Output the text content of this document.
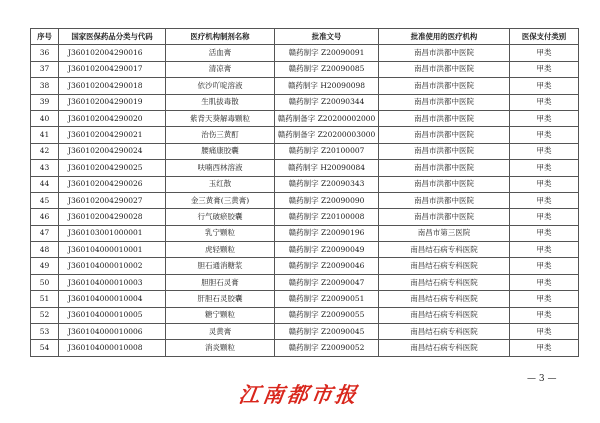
序号	国家医保药品分类与代码	医疗机构制剂名称	批准文号	批准使用的医疗机构	医保支付类别
36	J360102004290016	活血膏	赣药制字 Z20090091	南昌市洪都中医院	甲类
37	J360102004290017	清凉膏	赣药制字 Z20090085	南昌市洪都中医院	甲类
38	J360102004290018	依沙吖啶溶液	赣药制字 H20090098	南昌市洪都中医院	甲类
39	J360102004290019	生肌拔毒散	赣药制字 Z20090344	南昌市洪都中医院	甲类
40	J360102004290020	紫背天葵解毒颗粒	赣药制备字 Z20200002000	南昌市洪都中医院	甲类
41	J360102004290021	治伤三黄酊	赣药制备字 Z20200003000	南昌市洪都中医院	甲类
42	J360102004290024	腰痛康胶囊	赣药制字 Z20100007	南昌市洪都中医院	甲类
43	J360102004290025	呋喃西林溶液	赣药制字 H20090084	南昌市洪都中医院	甲类
44	J360102004290026	玉红散	赣药制字 Z20090343	南昌市洪都中医院	甲类
45	J360102004290027	金三黄膏(三黄膏)	赣药制字 Z20090090	南昌市洪都中医院	甲类
46	J360102004290028	行气破瘀胶囊	赣药制字 Z20100008	南昌市洪都中医院	甲类
47	J360103001000001	乳宁颗粒	赣药制字 Z20090196	南昌市第三医院	甲类
48	J360104000010001	虎轻颗粒	赣药制字 Z20090049	南昌结石病专科医院	甲类
49	J360104000010002	胆石通消糖浆	赣药制字 Z20090046	南昌结石病专科医院	甲类
50	J360104000010003	胆胆石灵膏	赣药制字 Z20090047	南昌结石病专科医院	甲类
51	J360104000010004	肝胆石灵胶囊	赣药制字 Z20090051	南昌结石病专科医院	甲类
52	J360104000010005	糖宁颗粒	赣药制字 Z20090055	南昌结石病专科医院	甲类
53	J360104000010006	灵黄膏	赣药制字 Z20090045	南昌结石病专科医院	甲类
54	J360104000010008	消炎颗粒	赣药制字 Z20090052	南昌结石病专科医院	甲类
江南都市报
— 3 —
